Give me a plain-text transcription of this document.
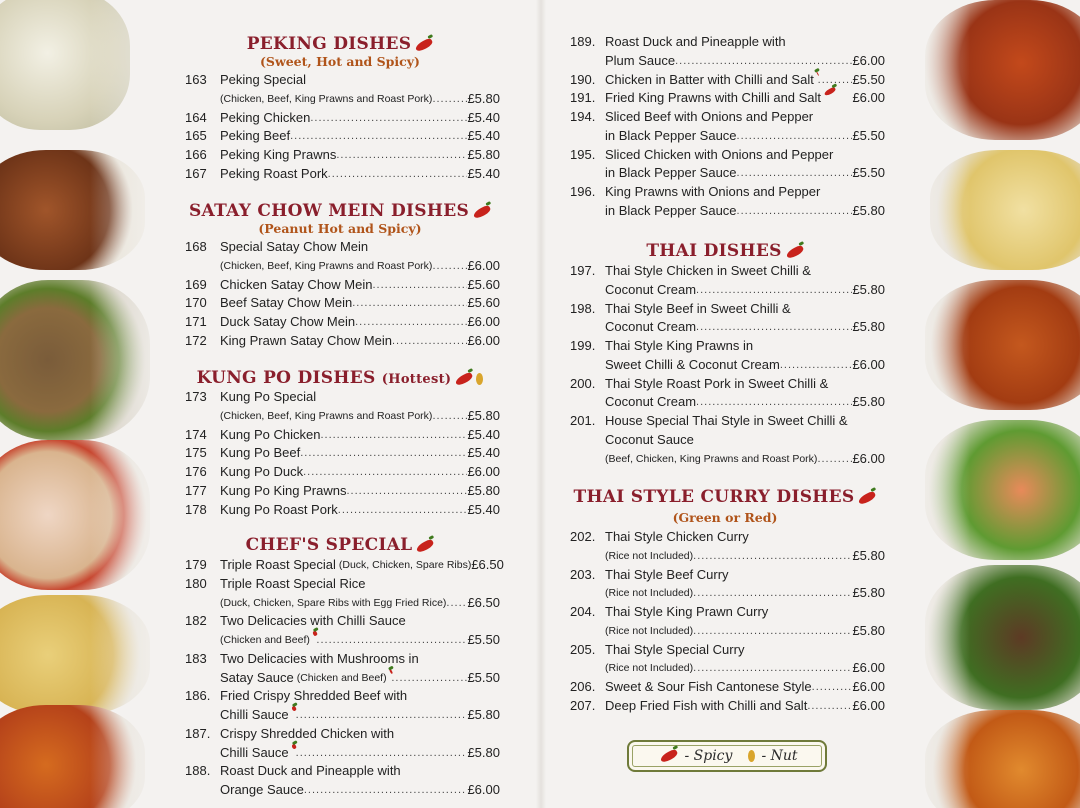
PEKING DISHES
(Sweet, Hot and Spicy)
163	Peking Special
(Chicken, Beef, King Prawns and Roast Pork) .....	£5.80
164	Peking Chicken .....	£5.40
165	Peking Beef .....	£5.40
166	Peking King Prawns .....	£5.80
167	Peking Roast Pork .....	£5.40
SATAY CHOW MEIN DISHES
(Peanut Hot and Spicy)
168	Special Satay Chow Mein
(Chicken, Beef, King Prawns and Roast Pork) .....	£6.00
169	Chicken Satay Chow Mein .....	£5.60
170	Beef Satay Chow Mein .....	£5.60
171	Duck Satay Chow Mein .....	£6.00
172	King Prawn Satay Chow Mein .....	£6.00
KUNG PO DISHES (Hottest)
173	Kung Po Special
(Chicken, Beef, King Prawns and Roast Pork) .....	£5.80
174	Kung Po Chicken .....	£5.40
175	Kung Po Beef .....	£5.40
176	Kung Po Duck .....	£6.00
177	Kung Po King Prawns .....	£5.80
178	Kung Po Roast Pork .....	£5.40
CHEF'S SPECIAL
179	Triple Roast Special (Duck, Chicken, Spare Ribs) £6.50
180	Triple Roast Special Rice
(Duck, Chicken, Spare Ribs with Egg Fried Rice) ..... £6.50
182	Two Delicacies with Chilli Sauce
(Chicken and Beef) .....	£5.50
183	Two Delicacies with Mushrooms in
Satay Sauce (Chicken and Beef) .....	£5.50
186. Fried Crispy Shredded Beef with
Chilli Sauce .....	£5.80
187. Crispy Shredded Chicken with
Chilli Sauce .....	£5.80
188. Roast Duck and Pineapple with
Orange Sauce .....	£6.00
189. Roast Duck and Pineapple with
Plum Sauce .....	£6.00
190. Chicken in Batter with Chilli and Salt .....	£5.50
191. Fried King Prawns with Chilli and Salt £6.00
194. Sliced Beef with Onions and Pepper
in Black Pepper Sauce .....	£5.50
195. Sliced Chicken with Onions and Pepper
in Black Pepper Sauce .....	£5.50
196. King Prawns with Onions and Pepper
in Black Pepper Sauce .....	£5.80
THAI DISHES
197. Thai Style Chicken in Sweet Chilli &
Coconut Cream .....	£5.80
198. Thai Style Beef in Sweet Chilli &
Coconut Cream .....	£5.80
199. Thai Style King Prawns in
Sweet Chilli & Coconut Cream .....	£6.00
200. Thai Style Roast Pork in Sweet Chilli &
Coconut Cream .....	£5.80
201. House Special Thai Style in Sweet Chilli &
Coconut Sauce
(Beef, Chicken, King Prawns and Roast Pork) .....	£6.00
THAI STYLE CURRY DISHES
(Green or Red)
202. Thai Style Chicken Curry
(Rice not Included) .....	£5.80
203. Thai Style Beef Curry
(Rice not Included) .....	£5.80
204. Thai Style King Prawn Curry
(Rice not Included) .....	£5.80
205. Thai Style Special Curry
(Rice not Included) .....	£6.00
206. Sweet & Sour Fish Cantonese Style .....	£6.00
207. Deep Fried Fish with Chilli and Salt .....	£6.00
- Spicy - Nut
